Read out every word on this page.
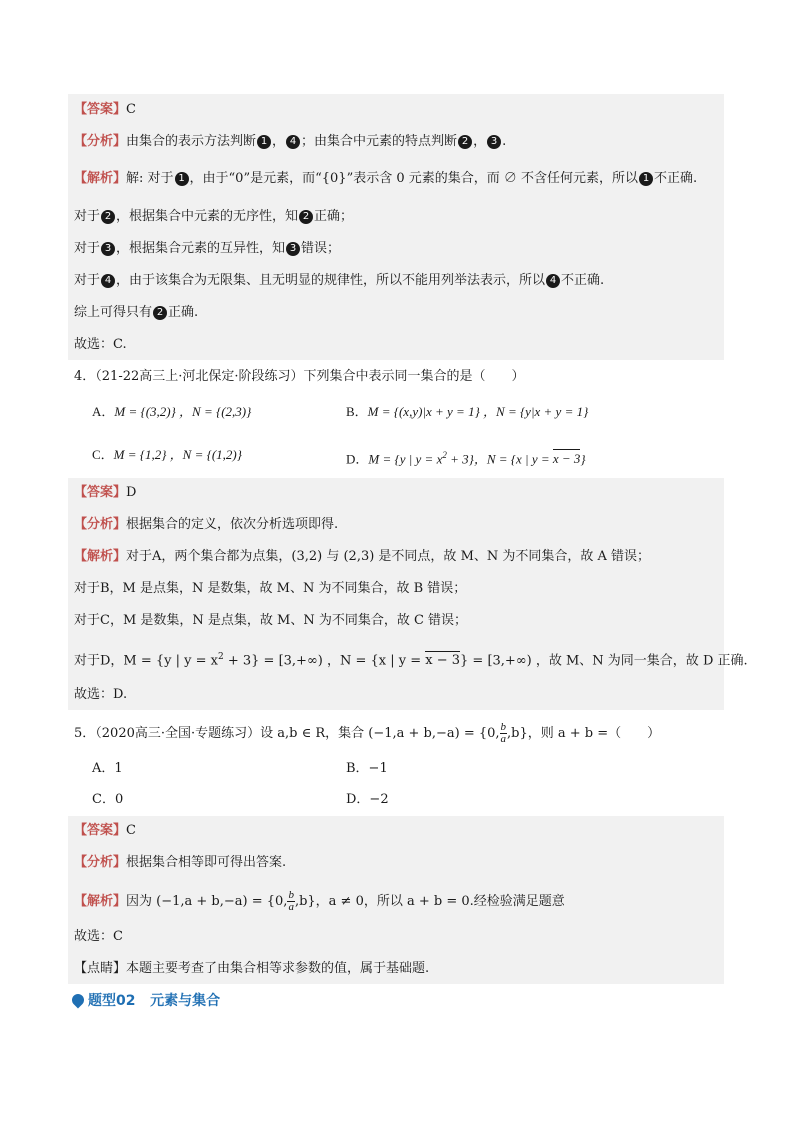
【答案】C
【分析】由集合的表示方法判断 1 ， 4 ；由集合中元素的特点判断 2 ， 3 .
【解析】解: 对于 1 ，由于“0”是元素，而“{0}”表示含 0 元素的集合，而 ∅ 不含任何元素，所以 1 不正确.
对于 2 ，根据集合中元素的无序性，知 2 正确；
对于 3 ，根据集合元素的互异性，知 3 错误；
对于 4 ，由于该集合为无限集、且无明显的规律性，所以不能用列举法表示，所以 4 不正确.
综上可得只有 2 正确.
故选：C.
4．（21-22高三上·河北保定·阶段练习）下列集合中表示同一集合的是（　　）
A．M = {(3,2)} ，N = {(2,3)}	B．M = {(x,y)|x + y = 1} ，N = {y|x + y = 1}
C．M = {1,2} ，N = {(1,2)}	D．M = {y | $y = x^2 + 3$}，N = {x | y = x − 3}
【答案】D
【分析】根据集合的定义，依次分析选项即得.
【解析】对于A，两个集合都为点集，(3,2) 与 (2,3) 是不同点，故 M、N 为不同集合，故 A 错误；
对于B，M 是点集，N 是数集，故 M、N 为不同集合，故 B 错误；
对于C，M 是数集，N 是点集，故 M、N 为不同集合，故 C 错误；
对于D，M = {y | $y = x^2 + 3\} = [3,+\infty)$ ，N = {x | y = x − 3} = [3,+∞) ，故 M、N 为同一集合，故 D 正确.
故选：D.
5．（2020高三·全国·专题练习）设 a,b ∈ R，集合 (−1,a + b,−a) = {0, $\frac{b}{a} ,b$}，则 a + b =（　　）
A．1	B．−1
C．0	D．−2
【答案】C
【分析】根据集合相等即可得出答案.
【解析】因为 (−1,a + b,−a) = {0, $\frac{b}{a} ,b$}，a ≠ 0，所以 a + b = 0.经检验满足题意
故选：C
【点睛】本题主要考查了由集合相等求参数的值，属于基础题.
题型02 元素与集合
